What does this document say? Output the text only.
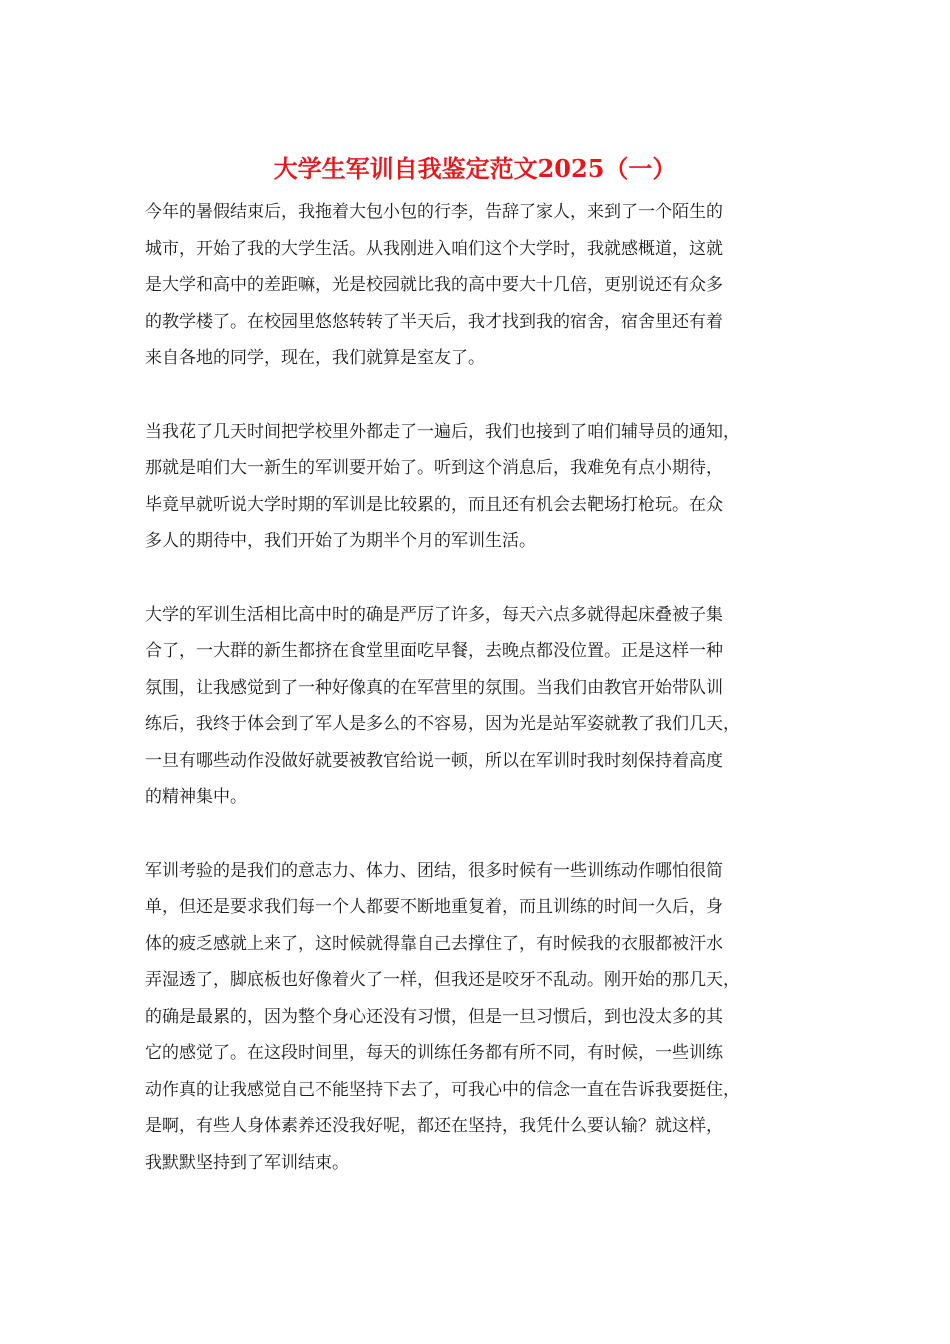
大学生军训自我鉴定范文2025（一）
今年的暑假结束后，我拖着大包小包的行李，告辞了家人，来到了一个陌生的
城市，开始了我的大学生活。从我刚进入咱们这个大学时，我就感概道，这就
是大学和高中的差距嘛，光是校园就比我的高中要大十几倍，更别说还有众多
的教学楼了。在校园里悠悠转转了半天后，我才找到我的宿舍，宿舍里还有着
来自各地的同学，现在，我们就算是室友了。
当我花了几天时间把学校里外都走了一遍后，我们也接到了咱们辅导员的通知，
那就是咱们大一新生的军训要开始了。听到这个消息后，我难免有点小期待，
毕竟早就听说大学时期的军训是比较累的，而且还有机会去靶场打枪玩。在众
多人的期待中，我们开始了为期半个月的军训生活。
大学的军训生活相比高中时的确是严厉了许多，每天六点多就得起床叠被子集
合了，一大群的新生都挤在食堂里面吃早餐，去晚点都没位置。正是这样一种
氛围，让我感觉到了一种好像真的在军营里的氛围。当我们由教官开始带队训
练后，我终于体会到了军人是多么的不容易，因为光是站军姿就教了我们几天，
一旦有哪些动作没做好就要被教官给说一顿，所以在军训时我时刻保持着高度
的精神集中。
军训考验的是我们的意志力、体力、团结，很多时候有一些训练动作哪怕很简
单，但还是要求我们每一个人都要不断地重复着，而且训练的时间一久后，身
体的疲乏感就上来了，这时候就得靠自己去撑住了，有时候我的衣服都被汗水
弄湿透了，脚底板也好像着火了一样，但我还是咬牙不乱动。刚开始的那几天，
的确是最累的，因为整个身心还没有习惯，但是一旦习惯后，到也没太多的其
它的感觉了。在这段时间里，每天的训练任务都有所不同，有时候，一些训练
动作真的让我感觉自己不能坚持下去了，可我心中的信念一直在告诉我要挺住，
是啊，有些人身体素养还没我好呢，都还在坚持，我凭什么要认输？就这样，
我默默坚持到了军训结束。
